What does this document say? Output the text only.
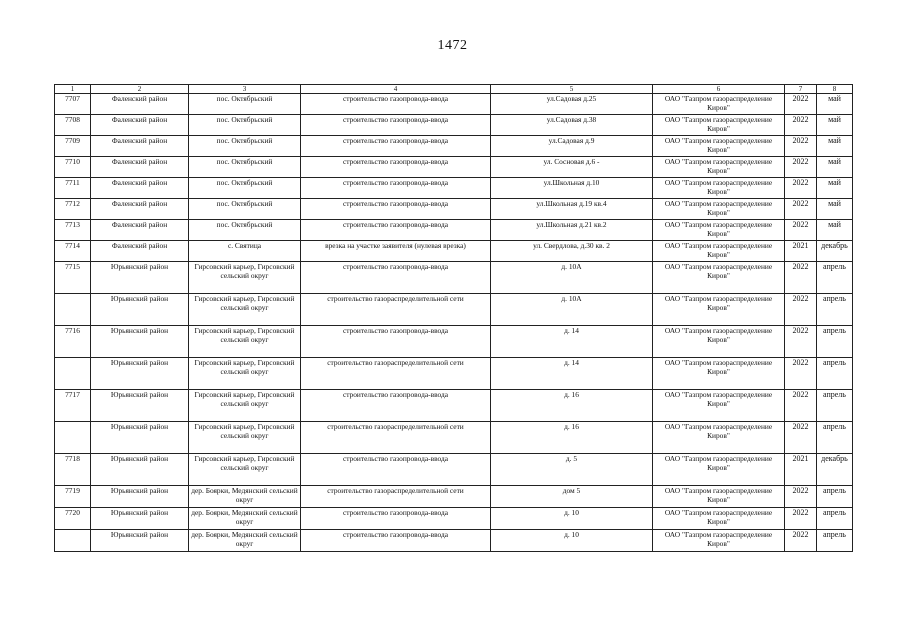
1472
1	2	3	4	5	6	7	8
7707	Фаленский район	пос. Октябрьский	строительство газопровода-ввода	ул.Садовая д.25	ОАО "Газпром газораспределение Киров"	2022	май
7708	Фаленский район	пос. Октябрьский	строительство газопровода-ввода	ул.Садовая д.38	ОАО "Газпром газораспределение Киров"	2022	май
7709	Фаленский район	пос. Октябрьский	строительство газопровода-ввода	ул.Садовая д.9	ОАО "Газпром газораспределение Киров"	2022	май
7710	Фаленский район	пос. Октябрьский	строительство газопровода-ввода	ул. Сосновая д.6 -	ОАО "Газпром газораспределение Киров"	2022	май
7711	Фаленский район	пос. Октябрьский	строительство газопровода-ввода	ул.Школьная д.10	ОАО "Газпром газораспределение Киров"	2022	май
7712	Фаленский район	пос. Октябрьский	строительство газопровода-ввода	ул.Школьная д.19 кв.4	ОАО "Газпром газораспределение Киров"	2022	май
7713	Фаленский район	пос. Октябрьский	строительство газопровода-ввода	ул.Школьная д.21 кв.2	ОАО "Газпром газораспределение Киров"	2022	май
7714	Фаленский район	с. Святица	врезка на участке заявителя (нулевая врезка)	ул. Свердлова, д.30 кв. 2	ОАО "Газпром газораспределение Киров"	2021	декабрь
7715	Юрьянский район	Гирсовский карьер, Гирсовский сельский округ	строительство газопровода-ввода	д. 10А	ОАО "Газпром газораспределение Киров"	2022	апрель
	Юрьянский район	Гирсовский карьер, Гирсовский сельский округ	строительство газораспределительной сети	д. 10А	ОАО "Газпром газораспределение Киров"	2022	апрель
7716	Юрьянский район	Гирсовский карьер, Гирсовский сельский округ	строительство газопровода-ввода	д. 14	ОАО "Газпром газораспределение Киров"	2022	апрель
	Юрьянский район	Гирсовский карьер, Гирсовский сельский округ	строительство газораспределительной сети	д. 14	ОАО "Газпром газораспределение Киров"	2022	апрель
7717	Юрьянский район	Гирсовский карьер, Гирсовский сельский округ	строительство газопровода-ввода	д. 16	ОАО "Газпром газораспределение Киров"	2022	апрель
	Юрьянский район	Гирсовский карьер, Гирсовский сельский округ	строительство газораспределительной сети	д. 16	ОАО "Газпром газораспределение Киров"	2022	апрель
7718	Юрьянский район	Гирсовский карьер, Гирсовский сельский округ	строительство газопровода-ввода	д. 5	ОАО "Газпром газораспределение Киров"	2021	декабрь
7719	Юрьянский район	дер. Боярки, Медянский сельский округ	строительство газораспределительной сети	дом 5	ОАО "Газпром газораспределение Киров"	2022	апрель
7720	Юрьянский район	дер. Боярки, Медянский сельский округ	строительство газопровода-ввода	д. 10	ОАО "Газпром газораспределение Киров"	2022	апрель
	Юрьянский район	дер. Боярки, Медянский сельский округ	строительство газопровода-ввода	д. 10	ОАО "Газпром газораспределение Киров"	2022	апрель
